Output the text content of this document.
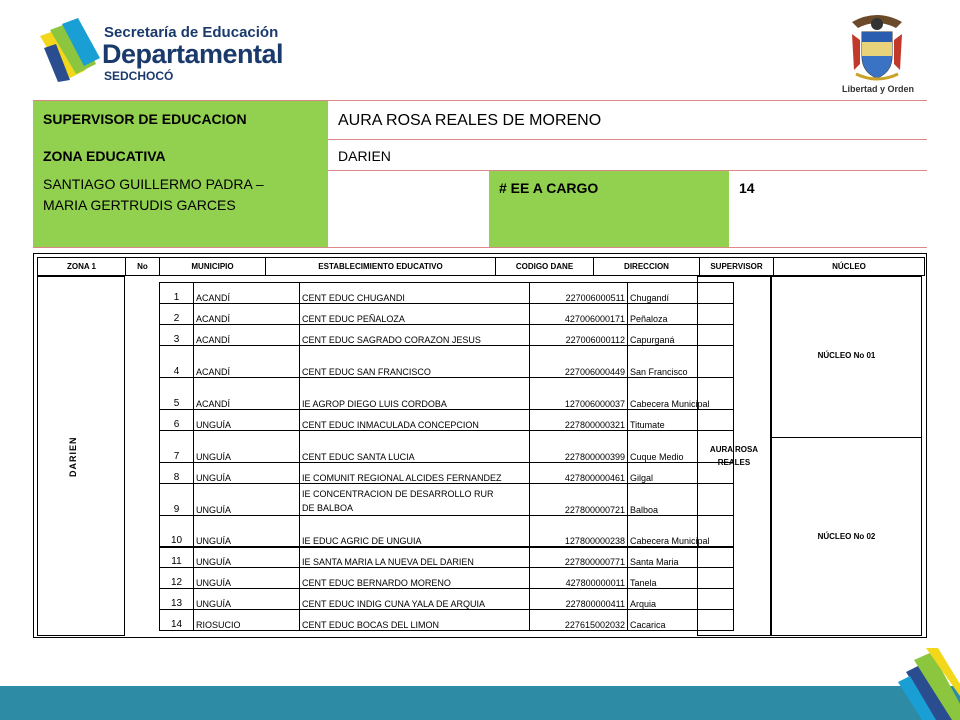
Secretaría de Educación
Departamental
SEDCHOCÓ
Libertad y Orden
SUPERVISOR DE EDUCACION	AURA ROSA REALES DE MORENO
ZONA EDUCATIVA
SANTIAGO GUILLERMO PADRA – MARIA GERTRUDIS GARCES
DARIEN
# EE A CARGO	14
ZONA 1	No	MUNICIPIO	ESTABLECIMIENTO EDUCATIVO	CODIGO DANE	DIRECCION	SUPERVISOR	NÚCLEO
DARIEN
1	ACANDÍ	CENT EDUC CHUGANDI	227006000511	Chugandí
2	ACANDÍ	CENT EDUC PEÑALOZA	427006000171	Peñaloza
3	ACANDÍ	CENT EDUC SAGRADO CORAZON JESUS	227006000112	Capurganá
4	ACANDÍ	CENT EDUC SAN FRANCISCO	227006000449	San Francisco
5	ACANDÍ	IE AGROP DIEGO LUIS CORDOBA	127006000037	Cabecera Municipal
6	UNGUÍA	CENT EDUC INMACULADA CONCEPCION	227800000321	Titumate
7	UNGUÍA	CENT EDUC SANTA LUCIA	227800000399	Cuque Medio
8	UNGUÍA	IE COMUNIT REGIONAL ALCIDES FERNANDEZ	427800000461	Gilgal
9	UNGUÍA	IE CONCENTRACION DE DESARROLLO RUR
DE BALBOA	227800000721	Balboa
10	UNGUÍA	IE EDUC AGRIC DE UNGUIA	127800000238	Cabecera Municipal
11	UNGUÍA	IE SANTA MARIA LA NUEVA DEL DARIEN	227800000771	Santa Maria
12	UNGUÍA	CENT EDUC BERNARDO MORENO	427800000011	Tanela
13	UNGUÍA	CENT EDUC INDIG CUNA YALA DE ARQUIA	227800000411	Arquia
14	RIOSUCIO	CENT EDUC BOCAS DEL LIMON	227615002032	Cacarica
AURA ROSA REALES
NÚCLEO No 01
NÚCLEO No 02
